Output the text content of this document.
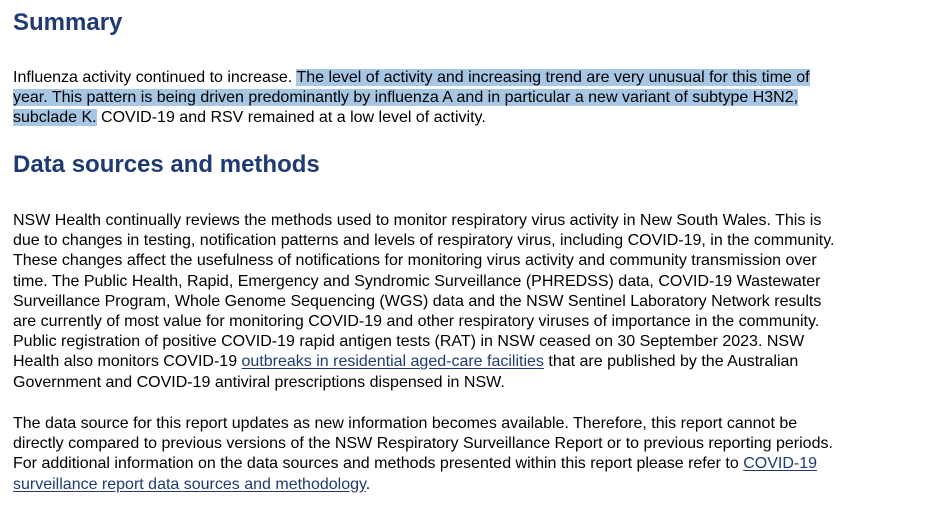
Summary

Influenza activity continued to increase. The level of activity and increasing trend are very unusual for this time of
year. This pattern is being driven predominantly by influenza A and in particular a new variant of subtype H3N2,
subclade K. COVID-19 and RSV remained at a low level of activity.

Data sources and methods

NSW Health continually reviews the methods used to monitor respiratory virus activity in New South Wales. This is
due to changes in testing, notification patterns and levels of respiratory virus, including COVID-19, in the community.
These changes affect the usefulness of notifications for monitoring virus activity and community transmission over
time. The Public Health, Rapid, Emergency and Syndromic Surveillance (PHREDSS) data, COVID-19 Wastewater
Surveillance Program, Whole Genome Sequencing (WGS) data and the NSW Sentinel Laboratory Network results
are currently of most value for monitoring COVID-19 and other respiratory viruses of importance in the community.
Public registration of positive COVID-19 rapid antigen tests (RAT) in NSW ceased on 30 September 2023. NSW
Health also monitors COVID-19 outbreaks in residential aged-care facilities that are published by the Australian
Government and COVID-19 antiviral prescriptions dispensed in NSW.

The data source for this report updates as new information becomes available. Therefore, this report cannot be
directly compared to previous versions of the NSW Respiratory Surveillance Report or to previous reporting periods.
For additional information on the data sources and methods presented within this report please refer to COVID-19
surveillance report data sources and methodology.
